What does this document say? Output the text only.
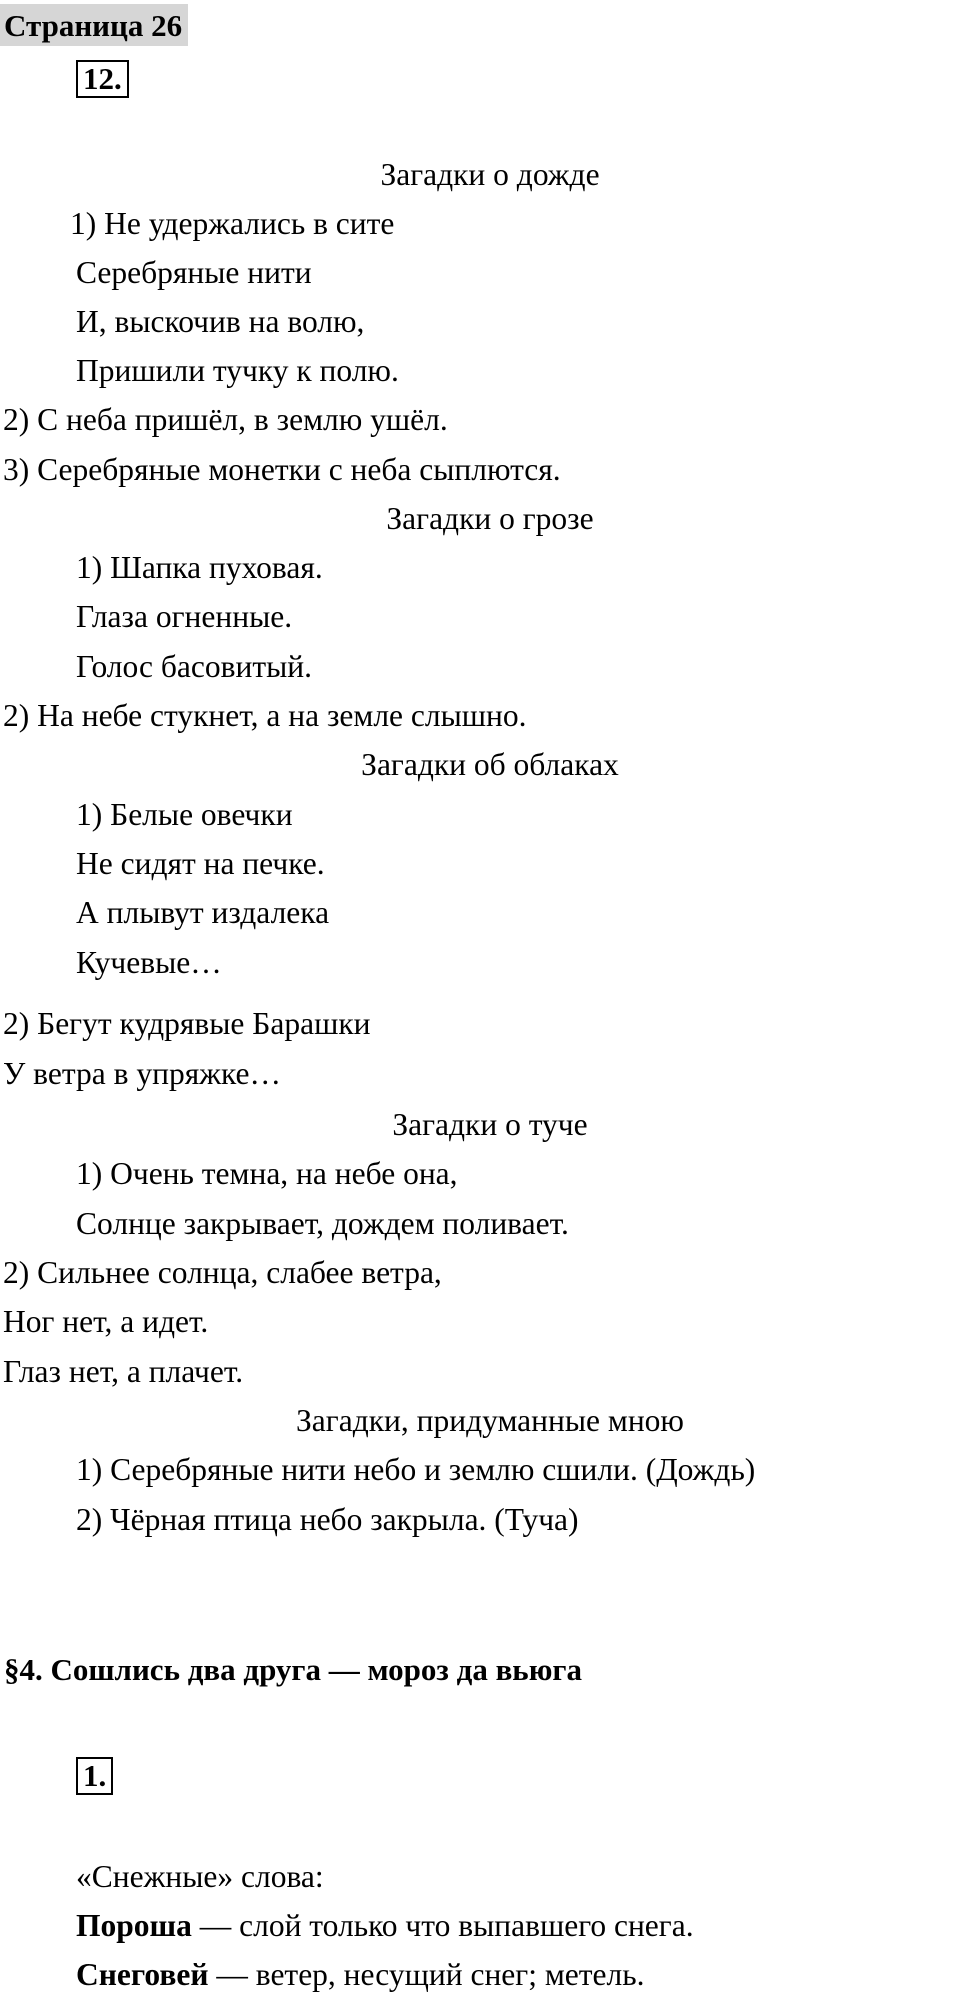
Страница 26
12.
Загадки о дожде
1) Не удержались в сите
Серебряные нити
И, выскочив на волю,
Пришили тучку к полю.
2) С неба пришёл, в землю ушёл.
3) Серебряные монетки с неба сыплются.
Загадки о грозе
1) Шапка пуховая.
Глаза огненные.
Голос басовитый.
2) На небе стукнет, а на земле слышно.
Загадки об облаках
1) Белые овечки
Не сидят на печке.
А плывут издалека
Кучевые…
2) Бегут кудрявые Барашки
У ветра в упряжке…
Загадки о туче
1) Очень темна, на небе она,
Солнце закрывает, дождем поливает.
2) Сильнее солнца, слабее ветра,
Ног нет, а идет.
Глаз нет, а плачет.
Загадки, придуманные мною
1) Серебряные нити небо и землю сшили. (Дождь)
2) Чёрная птица небо закрыла. (Туча)
§4. Сошлись два друга — мороз да вьюга
1.
«Снежные» слова:
Пороша — слой только что выпавшего снега.
Снеговей — ветер, несущий снег; метель.
